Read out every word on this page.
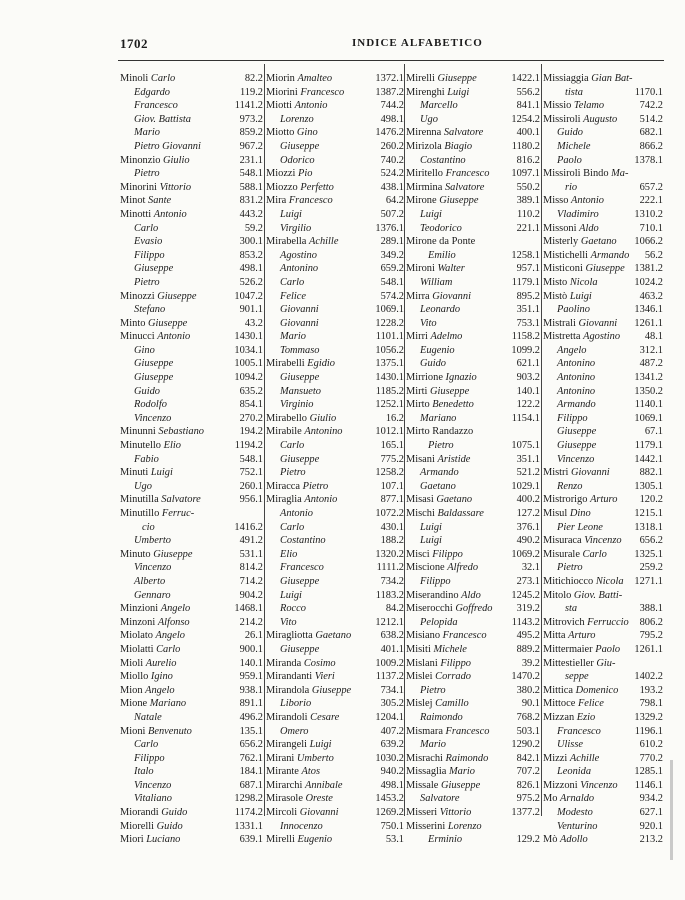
1702	INDICE ALFABETICO
Minoli Carlo	82.2
Edgardo	119.2
Francesco	1141.2
Giov. Battista	973.2
Mario	859.2
Pietro Giovanni	967.2
Minonzio Giulio	231.1
Pietro	548.1
Minorini Vittorio	588.1
Minot Sante	831.2
Minotti Antonio	443.2
Carlo	59.2
Evasio	300.1
Filippo	853.2
Giuseppe	498.1
Pietro	526.2
Minozzi Giuseppe	1047.2
Stefano	901.1
Minto Giuseppe	43.2
Minucci Antonio	1430.1
Gino	1034.1
Giuseppe	1005.1
Giuseppe	1094.2
Guido	635.2
Rodolfo	854.1
Vincenzo	270.2
Minunni Sebastiano	194.2
Minutello Elio	1194.2
Fabio	548.1
Minuti Luigi	752.1
Ugo	260.1
Minutilla Salvatore	956.1
Minutillo Ferruc-
cio	1416.2
Umberto	491.2
Minuto Giuseppe	531.1
Vincenzo	814.2
Alberto	714.2
Gennaro	904.2
Minzioni Angelo	1468.1
Minzoni Alfonso	214.2
Miolato Angelo	26.1
Miolatti Carlo	900.1
Mioli Aurelio	140.1
Miollo Igino	959.1
Mion Angelo	938.1
Mione Mariano	891.1
Natale	496.2
Mioni Benvenuto	135.1
Carlo	656.2
Filippo	762.1
Italo	184.1
Vincenzo	687.1
Vitaliano	1298.2
Miorandi Guido	1174.2
Miorelli Guido	1331.1
Miori Luciano	639.1
Miorin Amalteo	1372.1
Miorini Francesco	1387.2
Miotti Antonio	744.2
Lorenzo	498.1
Miotto Gino	1476.2
Giuseppe	260.2
Odorico	740.2
Miozzi Pio	524.2
Miozzo Perfetto	438.1
Mira Francesco	64.2
Luigi	507.2
Virgilio	1376.1
Mirabella Achille	289.1
Agostino	349.2
Antonino	659.2
Carlo	548.1
Felice	574.2
Giovanni	1069.1
Giovanni	1228.2
Mario	1101.1
Tommaso	1056.2
Mirabelli Egidio	1375.1
Giuseppe	1430.1
Mansueto	1185.2
Virginio	1252.1
Mirabello Giulio	16.2
Mirabile Antonino	1012.1
Carlo	165.1
Giuseppe	775.2
Pietro	1258.2
Miracca Pietro	107.1
Miraglia Antonio	877.1
Antonio	1072.2
Carlo	430.1
Costantino	188.2
Elio	1320.2
Francesco	1111.2
Giuseppe	734.2
Luigi	1183.2
Rocco	84.2
Vito	1212.1
Miragliotta Gaetano	638.2
Giuseppe	401.1
Miranda Cosimo	1009.2
Mirandanti Vieri	1137.2
Mirandola Giuseppe	734.1
Liborio	305.2
Mirandoli Cesare	1204.1
Omero	407.2
Mirangeli Luigi	639.2
Mirani Umberto	1030.2
Mirante Atos	940.2
Mirarchi Annibale	498.1
Mirasole Oreste	1453.2
Mircoli Giovanni	1269.2
Innocenzo	750.1
Mirelli Eugenio	53.1
Mirelli Giuseppe	1422.1
Mirenghi Luigi	556.2
Marcello	841.1
Ugo	1254.2
Mirenna Salvatore	400.1
Mirizola Biagio	1180.2
Costantino	816.2
Miritello Francesco 1097.1
Mirmina Salvatore	550.2
Mirone Giuseppe	389.1
Luigi	110.2
Teodorico	221.1
Mirone da Ponte
Emilio	1258.1
Mironi Walter	957.1
William	1179.1
Mirra Giovanni	895.2
Leonardo	351.1
Vito	753.1
Mirri Adelmo	1158.2
Eugenio	1099.2
Guido	621.1
Mirrione Ignazio	903.2
Mirti Giuseppe	140.1
Mirto Benedetto	122.2
Mariano	1154.1
Mirto Randazzo
Pietro	1075.1
Misani Aristide	351.1
Armando	521.2
Gaetano	1029.1
Misasi Gaetano	400.2
Mischi Baldassare	127.2
Luigi	376.1
Luigi	490.2
Misci Filippo	1069.2
Miscione Alfredo	32.1
Filippo	273.1
Miserandino Aldo	1245.2
Miserocchi Goffredo 319.2
Pelopida	1143.2
Misiano Francesco	495.2
Misiti Michele	889.2
Mislani Filippo	39.2
Mislei Corrado	1470.2
Pietro	380.2
Mislej Camillo	90.1
Raimondo	768.2
Mismara Francesco	503.1
Mario	1290.2
Misrachi Raimondo	842.1
Missaglia Mario	707.2
Missale Giuseppe	826.1
Salvatore	975.2
Misseri Vittorio	1377.2
Misserini Lorenzo
Erminio	129.2
Missiaggia Gian Bat-
tista	1170.1
Missio Telamo	742.2
Missiroli Augusto 514.2
Guido	682.1
Michele	866.2
Paolo	1378.1
Missiroli Bindo Ma-
rio	657.2
Misso Antonio	222.1
Vladimiro	1310.2
Missoni Aldo	710.1
Misterly Gaetano 1066.2
Mistichelli Armando 56.2
Misticoni Giuseppe 1381.2
Misto Nicola	1024.2
Mistò Luigi	463.2
Paolino	1346.1
Mistrali Giovanni 1261.1
Mistretta Agostino 48.1
Angelo	312.1
Antonino	487.2
Antonino	1341.2
Antonino	1350.2
Armando	1140.1
Filippo	1069.1
Giuseppe	67.1
Giuseppe	1179.1
Vincenzo	1442.1
Mistri Giovanni	882.1
Renzo	1305.1
Mistrorigo Arturo 120.2
Misul Dino	1215.1
Pier Leone	1318.1
Misuraca Vincenzo 656.2
Misurale Carlo	1325.1
Pietro	259.2
Mitichiocco Nicola 1271.1
Mitolo Giov. Batti-
sta	388.1
Mitrovich Ferruccio 806.2
Mitta Arturo	795.2
Mittermaier Paolo 1261.1
Mittestieller Giu-
seppe	1402.2
Mittica Domenico 193.2
Mittoce Felice	798.1
Mizzan Ezio	1329.2
Francesco	1196.1
Ulisse	610.2
Mizzi Achille	770.2
Leonida	1285.1
Mizzoni Vincenzo 1146.1
Mo Arnaldo	934.2
Modesto	627.1
Venturino	920.1
Mò Adollo	213.2
